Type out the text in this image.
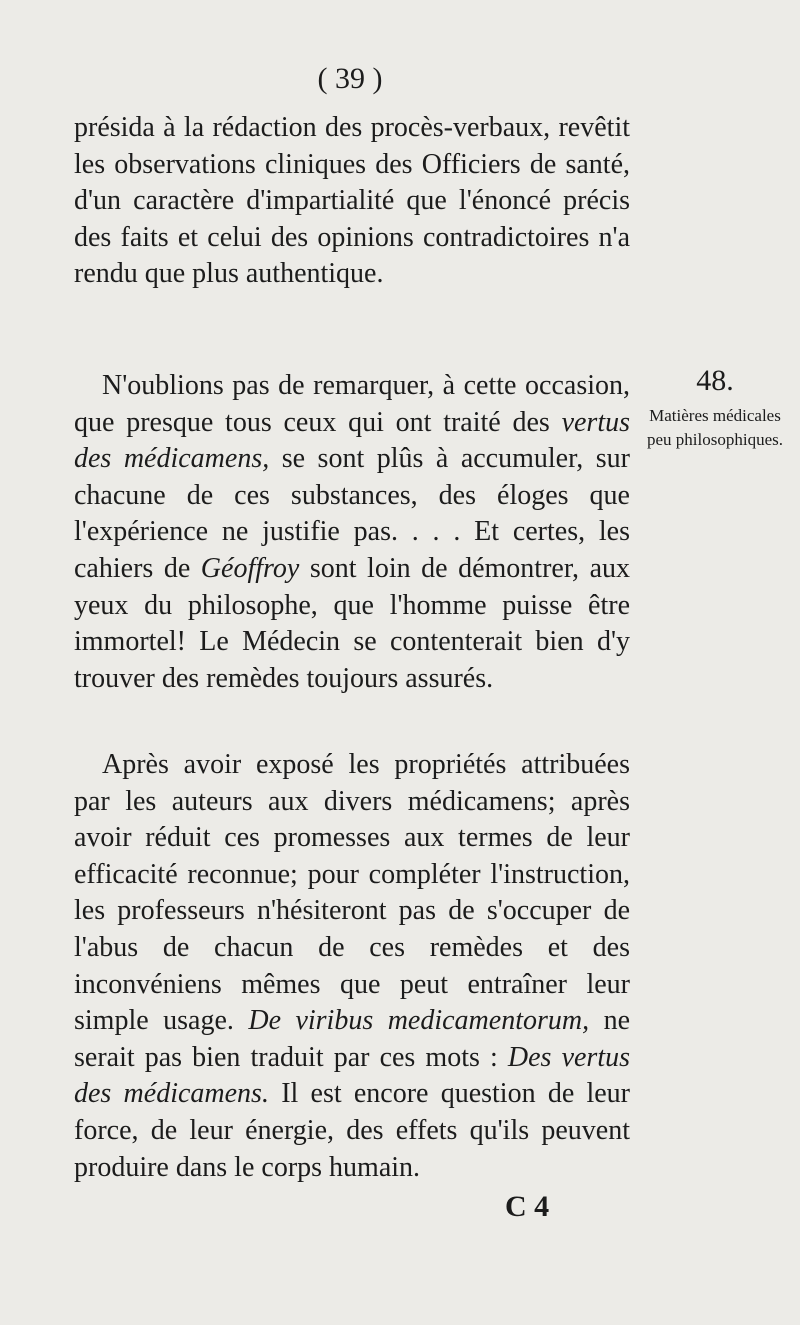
( 39 )
présida à la rédaction des procès-verbaux, revêtit les observations cliniques des Officiers de santé, d'un caractère d'impartialité que l'énoncé précis des faits et celui des opinions contradictoires n'a rendu que plus authentique.
N'oublions pas de remarquer, à cette occasion, que presque tous ceux qui ont traité des vertus des médicamens, se sont plûs à accumuler, sur chacune de ces substances, des éloges que l'expérience ne justifie pas. . . . Et certes, les cahiers de Géoffroy sont loin de démontrer, aux yeux du philosophe, que l'homme puisse être immortel! Le Médecin se contenterait bien d'y trouver des remèdes toujours assurés.
Après avoir exposé les propriétés attribuées par les auteurs aux divers médicamens; après avoir réduit ces promesses aux termes de leur efficacité reconnue; pour compléter l'instruction, les professeurs n'hésiteront pas de s'occuper de l'abus de chacun de ces remèdes et des inconvéniens mêmes que peut entraîner leur simple usage. De viribus medicamentorum, ne serait pas bien traduit par ces mots : Des vertus des médicamens. Il est encore question de leur force, de leur énergie, des effets qu'ils peuvent produire dans le corps humain.
48.
Matières médicales peu philosophiques.
C 4
